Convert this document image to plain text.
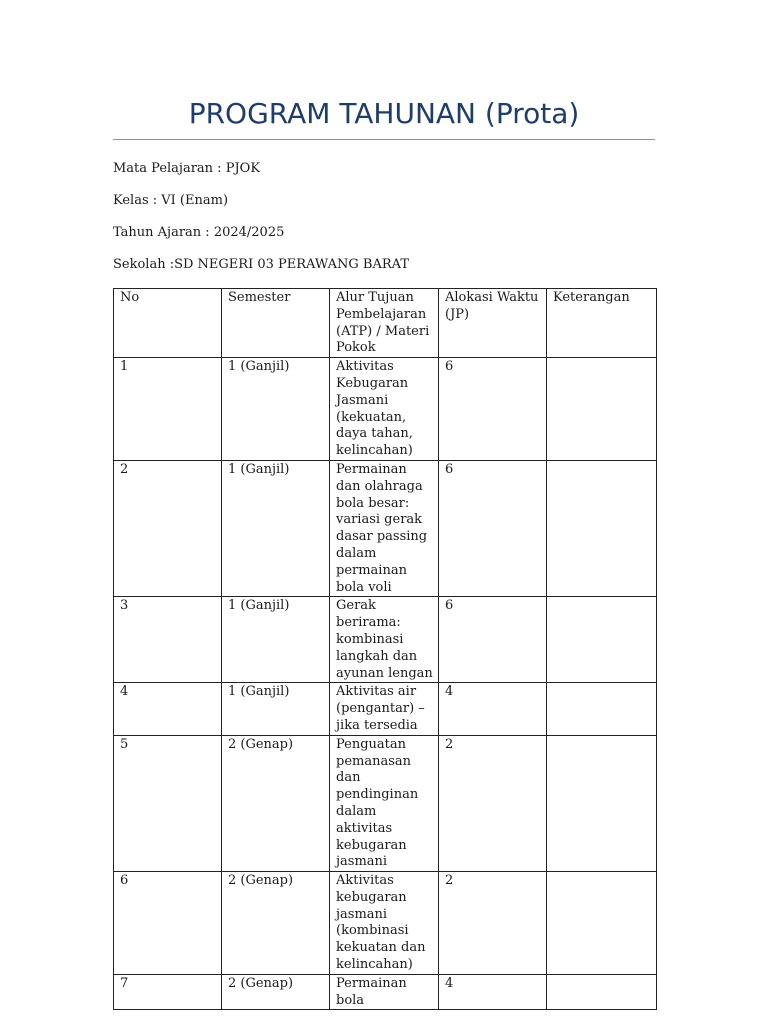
PROGRAM TAHUNAN (Prota)
Mata Pelajaran : PJOK
Kelas : VI (Enam)
Tahun Ajaran : 2024/2025
Sekolah :SD NEGERI 03 PERAWANG BARAT
No	Semester	Alur Tujuan Pembelajaran (ATP) / Materi Pokok	Alokasi Waktu (JP)	Keterangan
1	1 (Ganjil)	Aktivitas Kebugaran Jasmani (kekuatan, daya tahan, kelincahan)	6	
2	1 (Ganjil)	Permainan dan olahraga bola besar: variasi gerak dasar passing dalam permainan bola voli	6	
3	1 (Ganjil)	Gerak berirama: kombinasi langkah dan ayunan lengan	6	
4	1 (Ganjil)	Aktivitas air (pengantar) – jika tersedia	4	
5	2 (Genap)	Penguatan pemanasan dan pendinginan dalam aktivitas kebugaran jasmani	2	
6	2 (Genap)	Aktivitas kebugaran jasmani (kombinasi kekuatan dan kelincahan)	2	
7	2 (Genap)	Permainan bola	4	
